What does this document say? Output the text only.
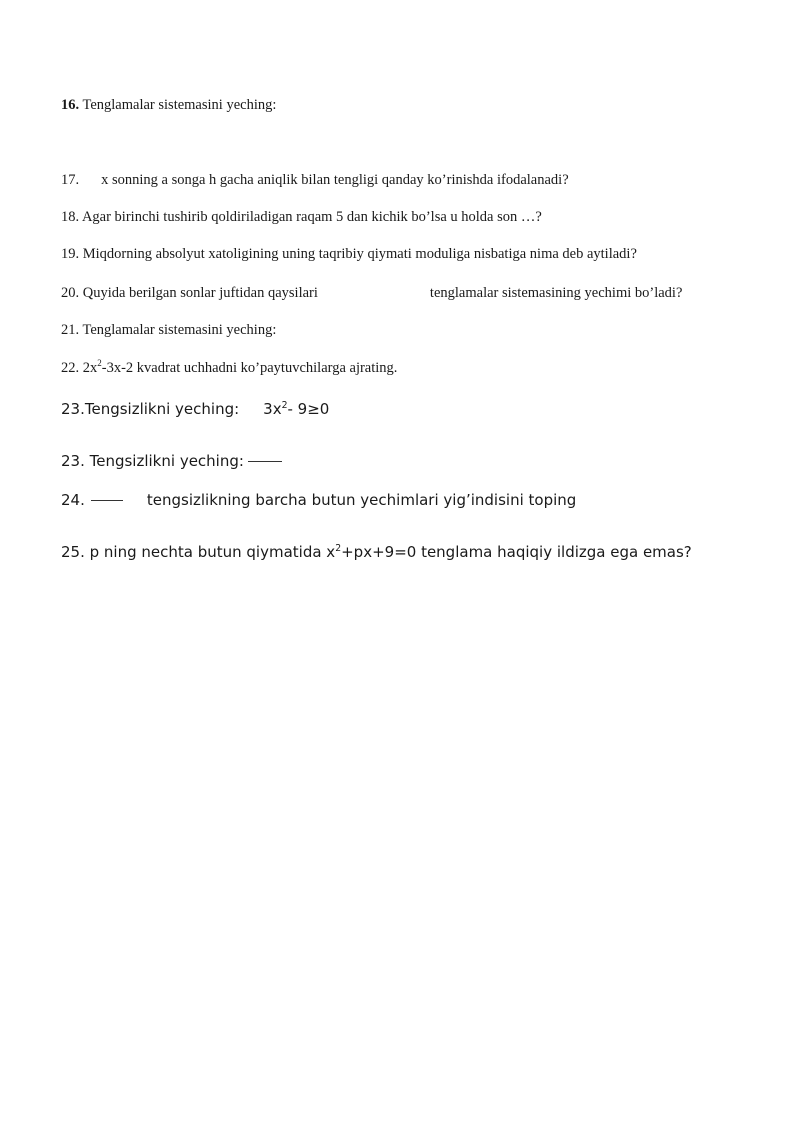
16. Tenglamalar sistemasini yeching:
17. x sonning a songa h gacha aniqlik bilan tengligi qanday ko’rinishda ifodalanadi?
18. Agar birinchi tushirib qoldiriladigan raqam 5 dan kichik bo’lsa u holda son …?
19. Miqdorning absolyut xatoligining uning taqribiy qiymati moduliga nisbatiga nima deb aytiladi?
20. Quyida berilgan sonlar juftidan qaysilari	tenglamalar sistemasining yechimi bo’ladi?
21. Tenglamalar sistemasini yeching:
22. $2x^2-3x-2$ kvadrat uchhadni ko’paytuvchilarga ajrating.
23.Tengsizlikni yeching: $3x^2-$ 9≥0
23. Tengsizlikni yeching:
24.	tengsizlikning barcha butun yechimlari yig’indisini toping
25. p ning nechta butun qiymatida $x^2+px+9=0$ tenglama haqiqiy ildizga ega emas?
